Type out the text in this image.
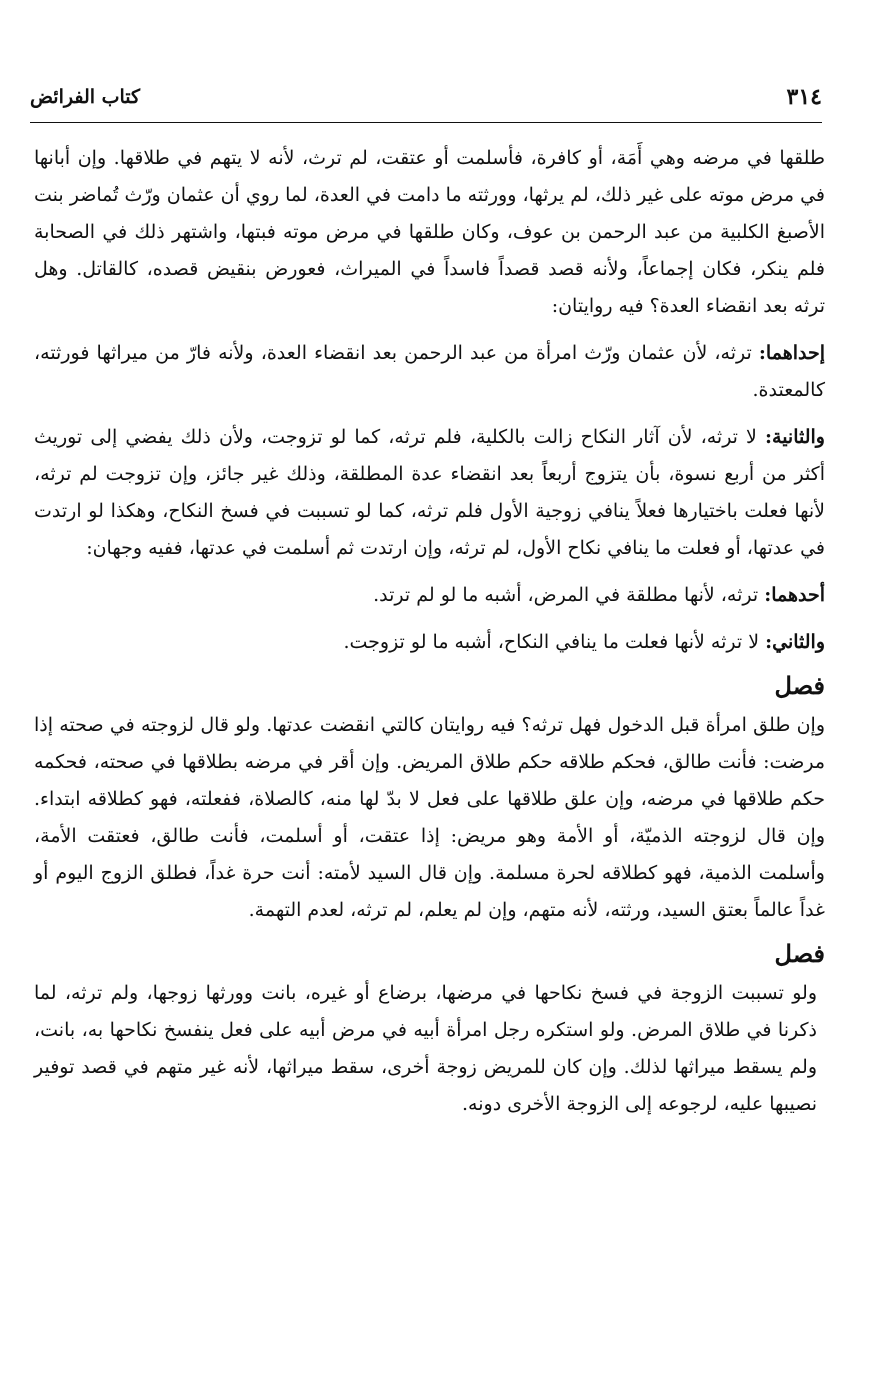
٣١٤
كتاب الفرائض

طلقها في مرضه وهي أَمَة، أو كافرة، فأسلمت أو عتقت، لم ترث، لأنه لا يتهم في طلاقها. وإن أبانها في مرض موته على غير ذلك، لم يرثها، وورثته ما دامت في العدة، لما روي أن عثمان ورّث تُماضر بنت الأصبغ الكلبية من عبد الرحمن بن عوف، وكان طلقها في مرض موته فبتها، واشتهر ذلك في الصحابة فلم ينكر، فكان إجماعاً، ولأنه قصد قصداً فاسداً في الميراث، فعورض بنقيض قصده، كالقاتل. وهل ترثه بعد انقضاء العدة؟ فيه روايتان:

إحداهما: ترثه، لأن عثمان ورّث امرأة من عبد الرحمن بعد انقضاء العدة، ولأنه فارّ من ميراثها فورثته، كالمعتدة.

والثانية: لا ترثه، لأن آثار النكاح زالت بالكلية، فلم ترثه، كما لو تزوجت، ولأن ذلك يفضي إلى توريث أكثر من أربع نسوة، بأن يتزوج أربعاً بعد انقضاء عدة المطلقة، وذلك غير جائز، وإن تزوجت لم ترثه، لأنها فعلت باختيارها فعلاً ينافي زوجية الأول فلم ترثه، كما لو تسببت في فسخ النكاح، وهكذا لو ارتدت في عدتها، أو فعلت ما ينافي نكاح الأول، لم ترثه، وإن ارتدت ثم أسلمت في عدتها، ففيه وجهان:

أحدهما: ترثه، لأنها مطلقة في المرض، أشبه ما لو لم ترتد.

والثاني: لا ترثه لأنها فعلت ما ينافي النكاح، أشبه ما لو تزوجت.

فصل

وإن طلق امرأة قبل الدخول فهل ترثه؟ فيه روايتان كالتي انقضت عدتها. ولو قال لزوجته في صحته إذا مرضت: فأنت طالق، فحكم طلاقه حكم طلاق المريض. وإن أقر في مرضه بطلاقها في صحته، فحكمه حكم طلاقها في مرضه، وإن علق طلاقها على فعل لا بدّ لها منه، كالصلاة، ففعلته، فهو كطلاقه ابتداء. وإن قال لزوجته الذميّة، أو الأمة وهو مريض: إذا عتقت، أو أسلمت، فأنت طالق، فعتقت الأمة، وأسلمت الذمية، فهو كطلاقه لحرة مسلمة. وإن قال السيد لأمته: أنت حرة غداً، فطلق الزوج اليوم أو غداً عالماً بعتق السيد، ورثته، لأنه متهم، وإن لم يعلم، لم ترثه، لعدم التهمة.

فصل

ولو تسببت الزوجة في فسخ نكاحها في مرضها، برضاع أو غيره، بانت وورثها زوجها، ولم ترثه، لما ذكرنا في طلاق المرض. ولو استكره رجل امرأة أبيه في مرض أبيه على فعل ينفسخ نكاحها به، بانت، ولم يسقط ميراثها لذلك. وإن كان للمريض زوجة أخرى، سقط ميراثها، لأنه غير متهم في قصد توفير نصيبها عليه، لرجوعه إلى الزوجة الأخرى دونه.
